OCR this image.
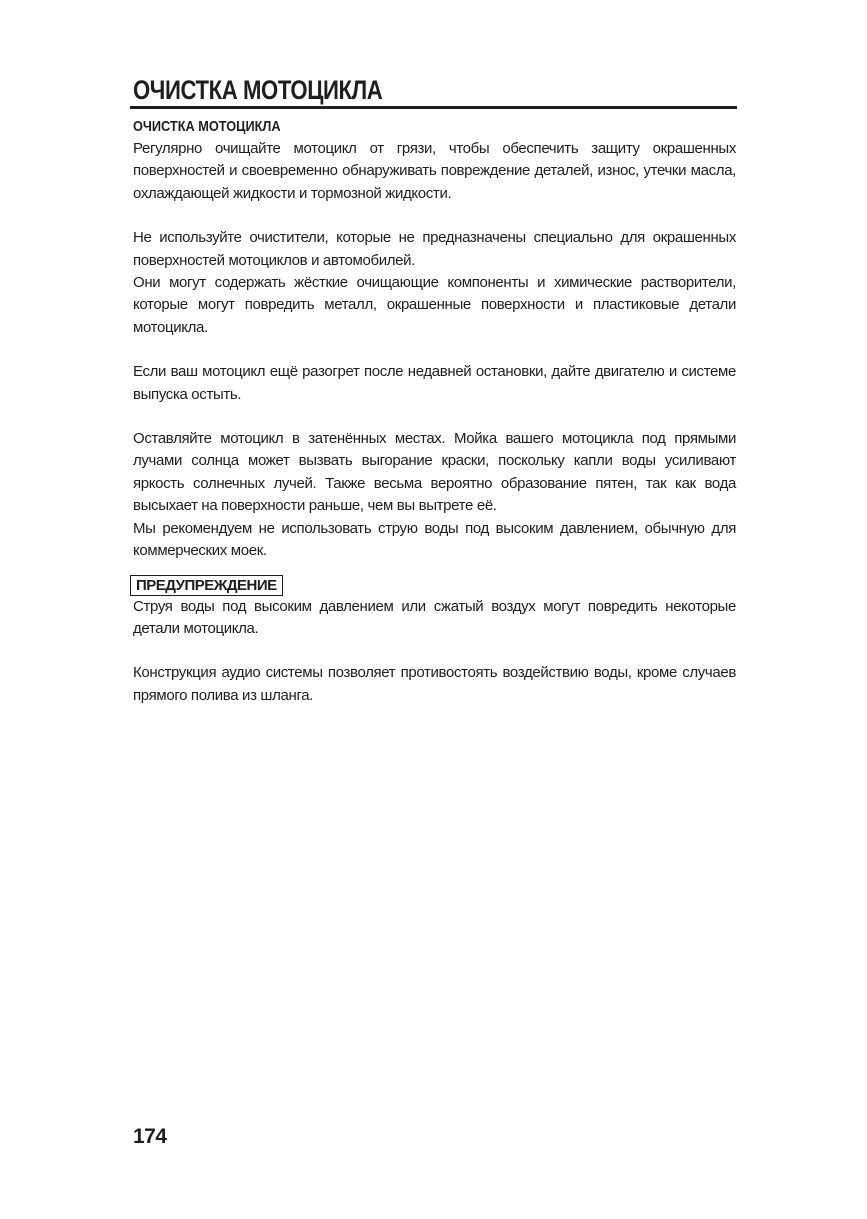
ОЧИСТКА МОТОЦИКЛА
ОЧИСТКА МОТОЦИКЛА

Регулярно очищайте мотоцикл от грязи, чтобы обеспечить защиту окрашенных поверхностей и своевременно обнаруживать повреждение деталей, износ, утечки масла, охлаждающей жидкости и тормозной жидкости.

Не используйте очистители, которые не предназначены специально для окрашенных поверхностей мотоциклов и автомобилей.

Они могут содержать жёсткие очищающие компоненты и химические растворители, которые могут повредить металл, окрашенные поверхности и пластиковые детали мотоцикла.

Если ваш мотоцикл ещё разогрет после недавней остановки, дайте двигателю и системе выпуска остыть.

Оставляйте мотоцикл в затенённых местах. Мойка вашего мотоцикла под прямыми лучами солнца может вызвать выгорание краски, поскольку капли воды усиливают яркость солнечных лучей. Также весьма вероятно образование пятен, так как вода высыхает на поверхности раньше, чем вы вытрете её.

Мы рекомендуем не использовать струю воды под высоким давлением, обычную для коммерческих моек.

ПРЕДУПРЕЖДЕНИЕ

Струя воды под высоким давлением или сжатый воздух могут повредить некоторые детали мотоцикла.

Конструкция аудио системы позволяет противостоять воздействию воды, кроме случаев прямого полива из шланга.

174
